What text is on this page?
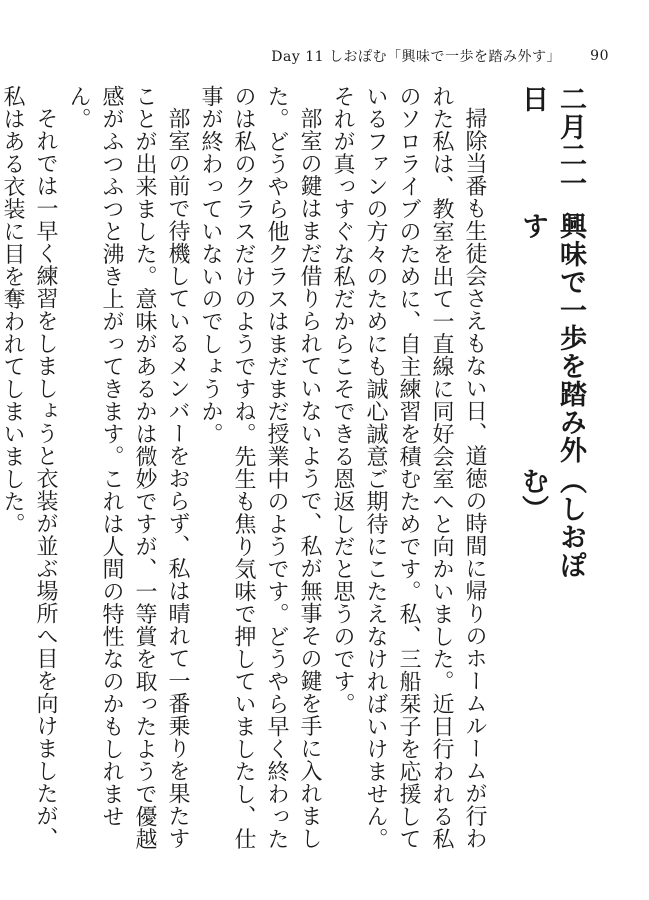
Day 11 しおぽむ「興味で一歩を踏み外す」 90
二月二一日
興味で一歩を踏み外す
（しおぽむ）

掃除当番も生徒会さえもない日、道徳の時間に帰りのホームルームが行われた私は、教室を出て一直線に同好会室へと向かいました。近日行われる私のソロライブのために、自主練習を積むためです。私、三船栞子を応援しているファンの方々のためにも誠心誠意ご期待にこたえなければいけません。それが真っすぐな私だからこそできる恩返しだと思うのです。

部室の鍵はまだ借りられていないようで、私が無事その鍵を手に入れました。どうやら他クラスはまだまだ授業中のようです。どうやら早く終わったのは私のクラスだけのようですね。先生も焦り気味で押していましたし、仕事が終わっていないのでしょうか。

部室の前で待機しているメンバーをおらず、私は晴れて一番乗りを果たすことが出来ました。意味があるかは微妙ですが、一等賞を取ったようで優越感がふつふつと沸き上がってきます。これは人間の特性なのかもしれません。

それでは一早く練習をしましょうと衣装が並ぶ場所へ目を向けましたが、私はある衣装に目を奪われてしまいました。
